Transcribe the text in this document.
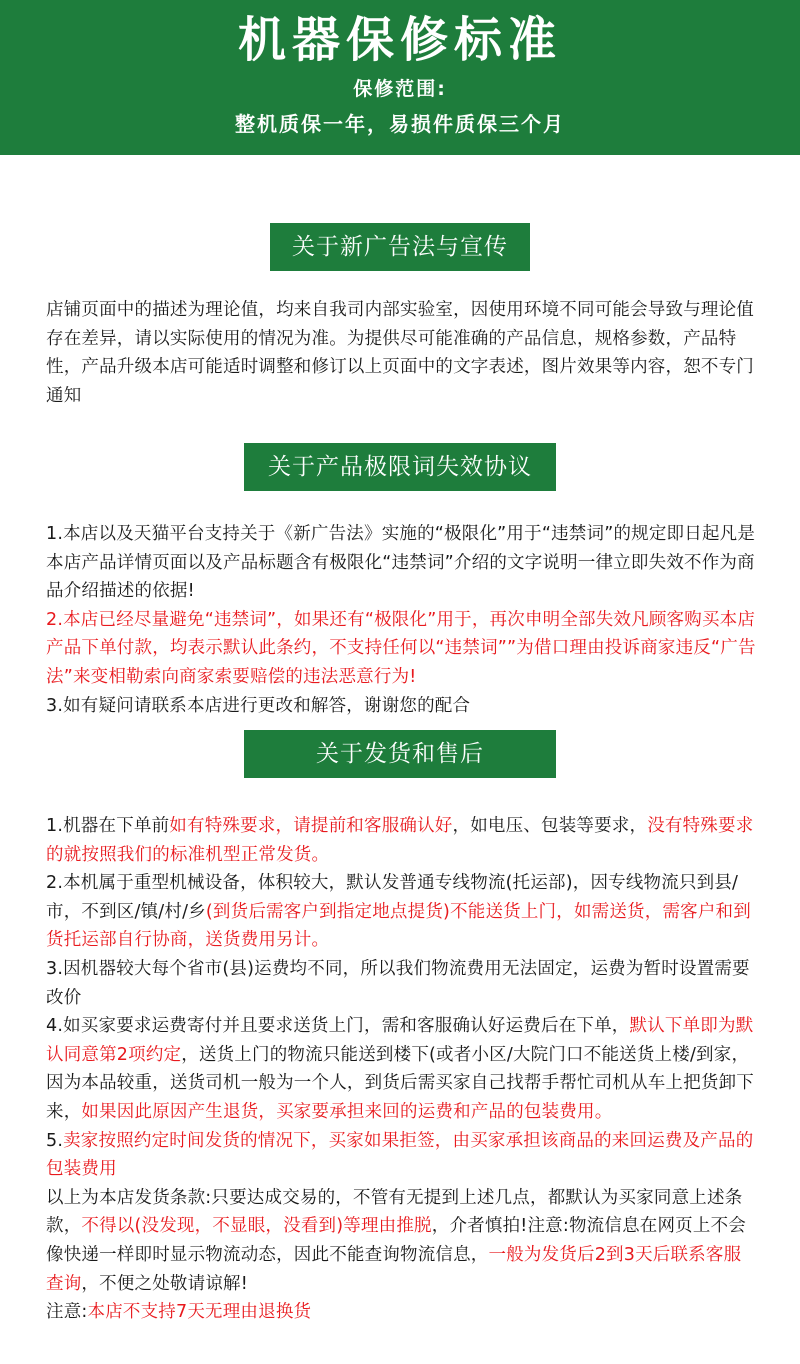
机器保修标准
保修范围:
整机质保一年，易损件质保三个月
关于新广告法与宣传
店铺页面中的描述为理论值，均来自我司内部实验室，因使用环境不同可能会导致与理论值存在差异，请以实际使用的情况为准。为提供尽可能准确的产品信息，规格参数，产品特性，产品升级本店可能适时调整和修订以上页面中的文字表述，图片效果等内容，恕不专门通知
关于产品极限词失效协议
1.本店以及天猫平台支持关于《新广告法》实施的“极限化”用于“违禁词”的规定即日起凡是本店产品详情页面以及产品标题含有极限化“违禁词”介绍的文字说明一律立即失效不作为商品介绍描述的依据!
2.本店已经尽量避免“违禁词”，如果还有“极限化”用于，再次申明全部失效凡顾客购买本店产品下单付款，均表示默认此条约，不支持任何以“违禁词””为借口理由投诉商家违反“广告法”来变相勒索向商家索要赔偿的违法恶意行为!
3.如有疑问请联系本店进行更改和解答，谢谢您的配合
关于发货和售后
1.机器在下单前如有特殊要求，请提前和客服确认好，如电压、包装等要求，没有特殊要求的就按照我们的标准机型正常发货。
2.本机属于重型机械设备，体积较大，默认发普通专线物流(托运部)，因专线物流只到县/市，不到区/镇/村/乡(到货后需客户到指定地点提货)不能送货上门，如需送货，需客户和到货托运部自行协商，送货费用另计。
3.因机器较大每个省市(县)运费均不同，所以我们物流费用无法固定，运费为暂时设置需要改价
4.如买家要求运费寄付并且要求送货上门，需和客服确认好运费后在下单，默认下单即为默认同意第2项约定，送货上门的物流只能送到楼下(或者小区/大院门口不能送货上楼/到家，因为本品较重，送货司机一般为一个人，到货后需买家自己找帮手帮忙司机从车上把货卸下来，如果因此原因产生退货，买家要承担来回的运费和产品的包装费用。
5.卖家按照约定时间发货的情况下，买家如果拒签，由买家承担该商品的来回运费及产品的包装费用
以上为本店发货条款:只要达成交易的，不管有无提到上述几点，都默认为买家同意上述条款，不得以(没发现，不显眼，没看到)等理由推脱，介者慎拍!注意:物流信息在网页上不会像快递一样即时显示物流动态，因此不能查询物流信息，一般为发货后2到3天后联系客服查询，不便之处敬请谅解!
注意:本店不支持7天无理由退换货
